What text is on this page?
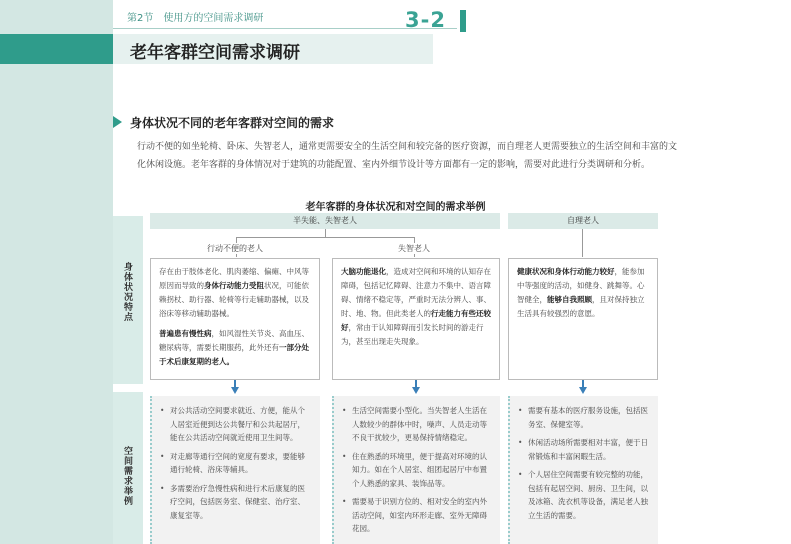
第2节　使用方的空间需求调研	3-2
老年客群空间需求调研
身体状况不同的老年客群对空间的需求
行动不便的如坐轮椅、卧床、失智老人，通常更需要安全的生活空间和较完备的医疗资源，而自理老人更需要独立的生活空间和丰富的文化休闲设施。老年客群的身体情况对于建筑的功能配置、室内外细节设计等方面都有一定的影响，需要对此进行分类调研和分析。
老年客群的身体状况和对空间的需求举例
身体状况特点
空间需求举例
半失能、失智老人	自理老人
行动不便的老人	失智老人
存在由于肢体老化、肌肉萎缩、偏瘫、中风等原因而导致的身体行动能力受阻状况，可能依赖拐杖、助行器、轮椅等行走辅助器械，以及浴床等移动辅助器械。
普遍患有慢性病，如风湿性关节炎、高血压、糖尿病等，需要长期服药，此外还有一部分处于术后康复期的老人。
大脑功能退化，造成对空间和环境的认知存在障碍，包括记忆障碍、注意力不集中、语言障碍、情绪不稳定等，严重时无法分辨人、事、时、地、物。但此类老人的行走能力有些还较好，常由于认知障碍而引发长时间的游走行为，甚至出现走失现象。
健康状况和身体行动能力较好，能参加中等强度的活动，如健身、跳舞等。心智健全，能够自我照顾，且对保持独立生活具有较强烈的意愿。
• 对公共活动空间要求就近、方便，能从个人居室近便到达公共餐厅和公共起居厅，能在公共活动空间就近使用卫生间等。
• 对走廊等通行空间的宽度有要求，要能够通行轮椅、浴床等辅具。
• 多需要治疗急慢性病和进行术后康复的医疗空间，包括医务室、保健室、治疗室、康复室等。
• 生活空间需要小型化。当失智老人生活在人数较少的群体中时，噪声、人员走动等不良干扰较少，更易保持情绪稳定。
• 住在熟悉的环境里，便于提高对环境的认知力。如在个人居室、组团起居厅中布置个人熟悉的家具、装饰品等。
• 需要易于识别方位的、相对安全的室内外活动空间，如室内环形走廊、室外无障碍花园。
• 需要有基本的医疗服务设施，包括医务室、保健室等。
• 休闲活动场所需要相对丰富，便于日常锻炼和丰富闲暇生活。
• 个人居住空间需要有较完整的功能，包括有起居空间、厨房、卫生间，以及冰箱、洗衣机等设备，满足老人独立生活的需要。
